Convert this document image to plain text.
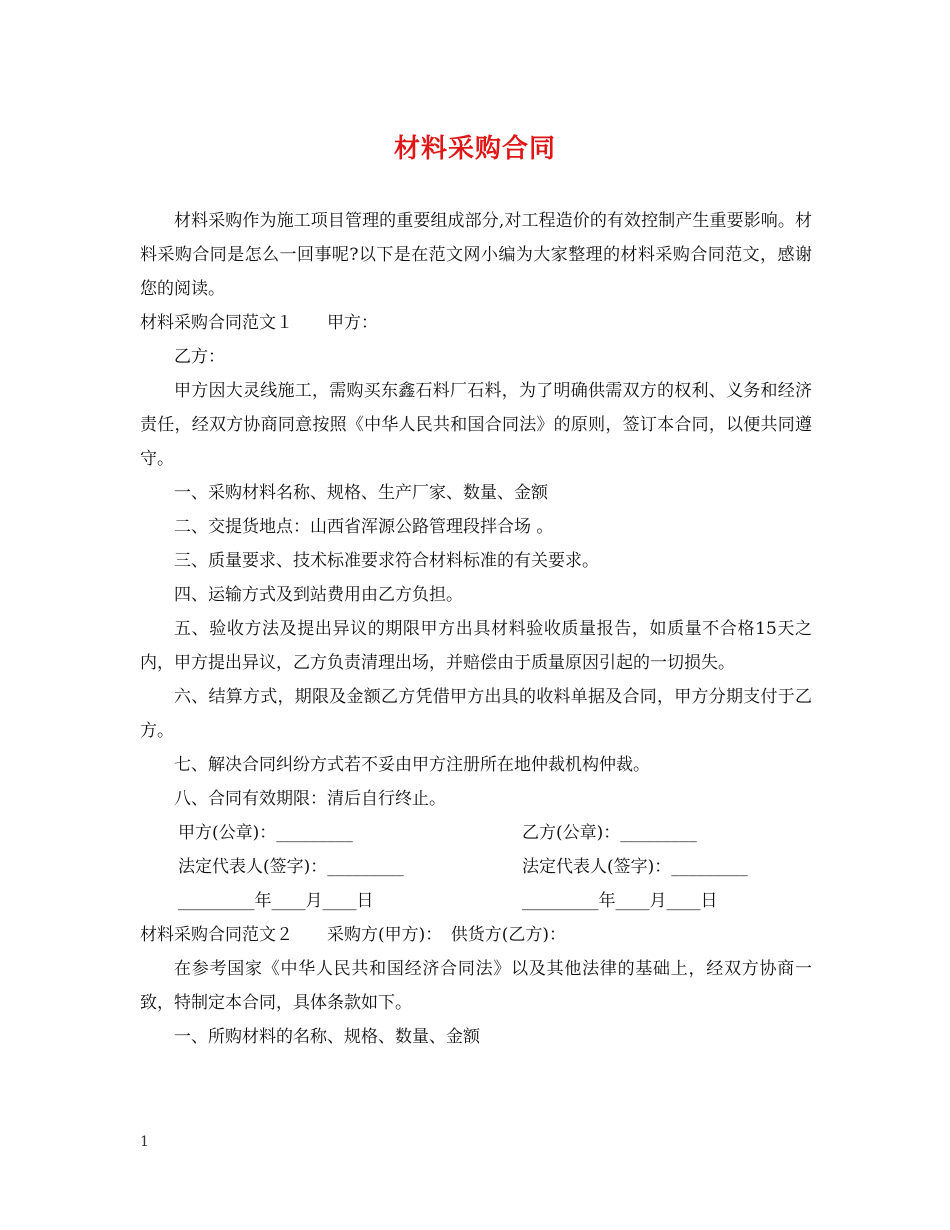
材料采购合同

材料采购作为施工项目管理的重要组成部分,对工程造价的有效控制产生重要影响。材料采购合同是怎么一回事呢?以下是在范文网小编为大家整理的材料采购合同范文，感谢您的阅读。

材料采购合同范文１　　甲方：

乙方：

甲方因大灵线施工，需购买东鑫石料厂石料，为了明确供需双方的权利、义务和经济责任，经双方协商同意按照《中华人民共和国合同法》的原则，签订本合同，以便共同遵守。

一、采购材料名称、规格、生产厂家、数量、金额

二、交提货地点：山西省浑源公路管理段拌合场 。

三、质量要求、技术标准要求符合材料标准的有关要求。

四、运输方式及到站费用由乙方负担。

五、验收方法及提出异议的期限甲方出具材料验收质量报告，如质量不合格15天之内，甲方提出异议，乙方负责清理出场，并赔偿由于质量原因引起的一切损失。

六、结算方式，期限及金额乙方凭借甲方出具的收料单据及合同，甲方分期支付于乙方。

七、解决合同纠纷方式若不妥由甲方注册所在地仲裁机构仲裁。

八、合同有效期限：清后自行终止。

甲方(公章)：_________	乙方(公章)：_________
法定代表人(签字)：_________	法定代表人(签字)：_________
_________年____月____日	_________年____月____日

材料采购合同范文２　　采购方(甲方)：　供货方(乙方)：

在参考国家《中华人民共和国经济合同法》以及其他法律的基础上，经双方协商一致，特制定本合同，具体条款如下。

一、所购材料的名称、规格、数量、金额

1
